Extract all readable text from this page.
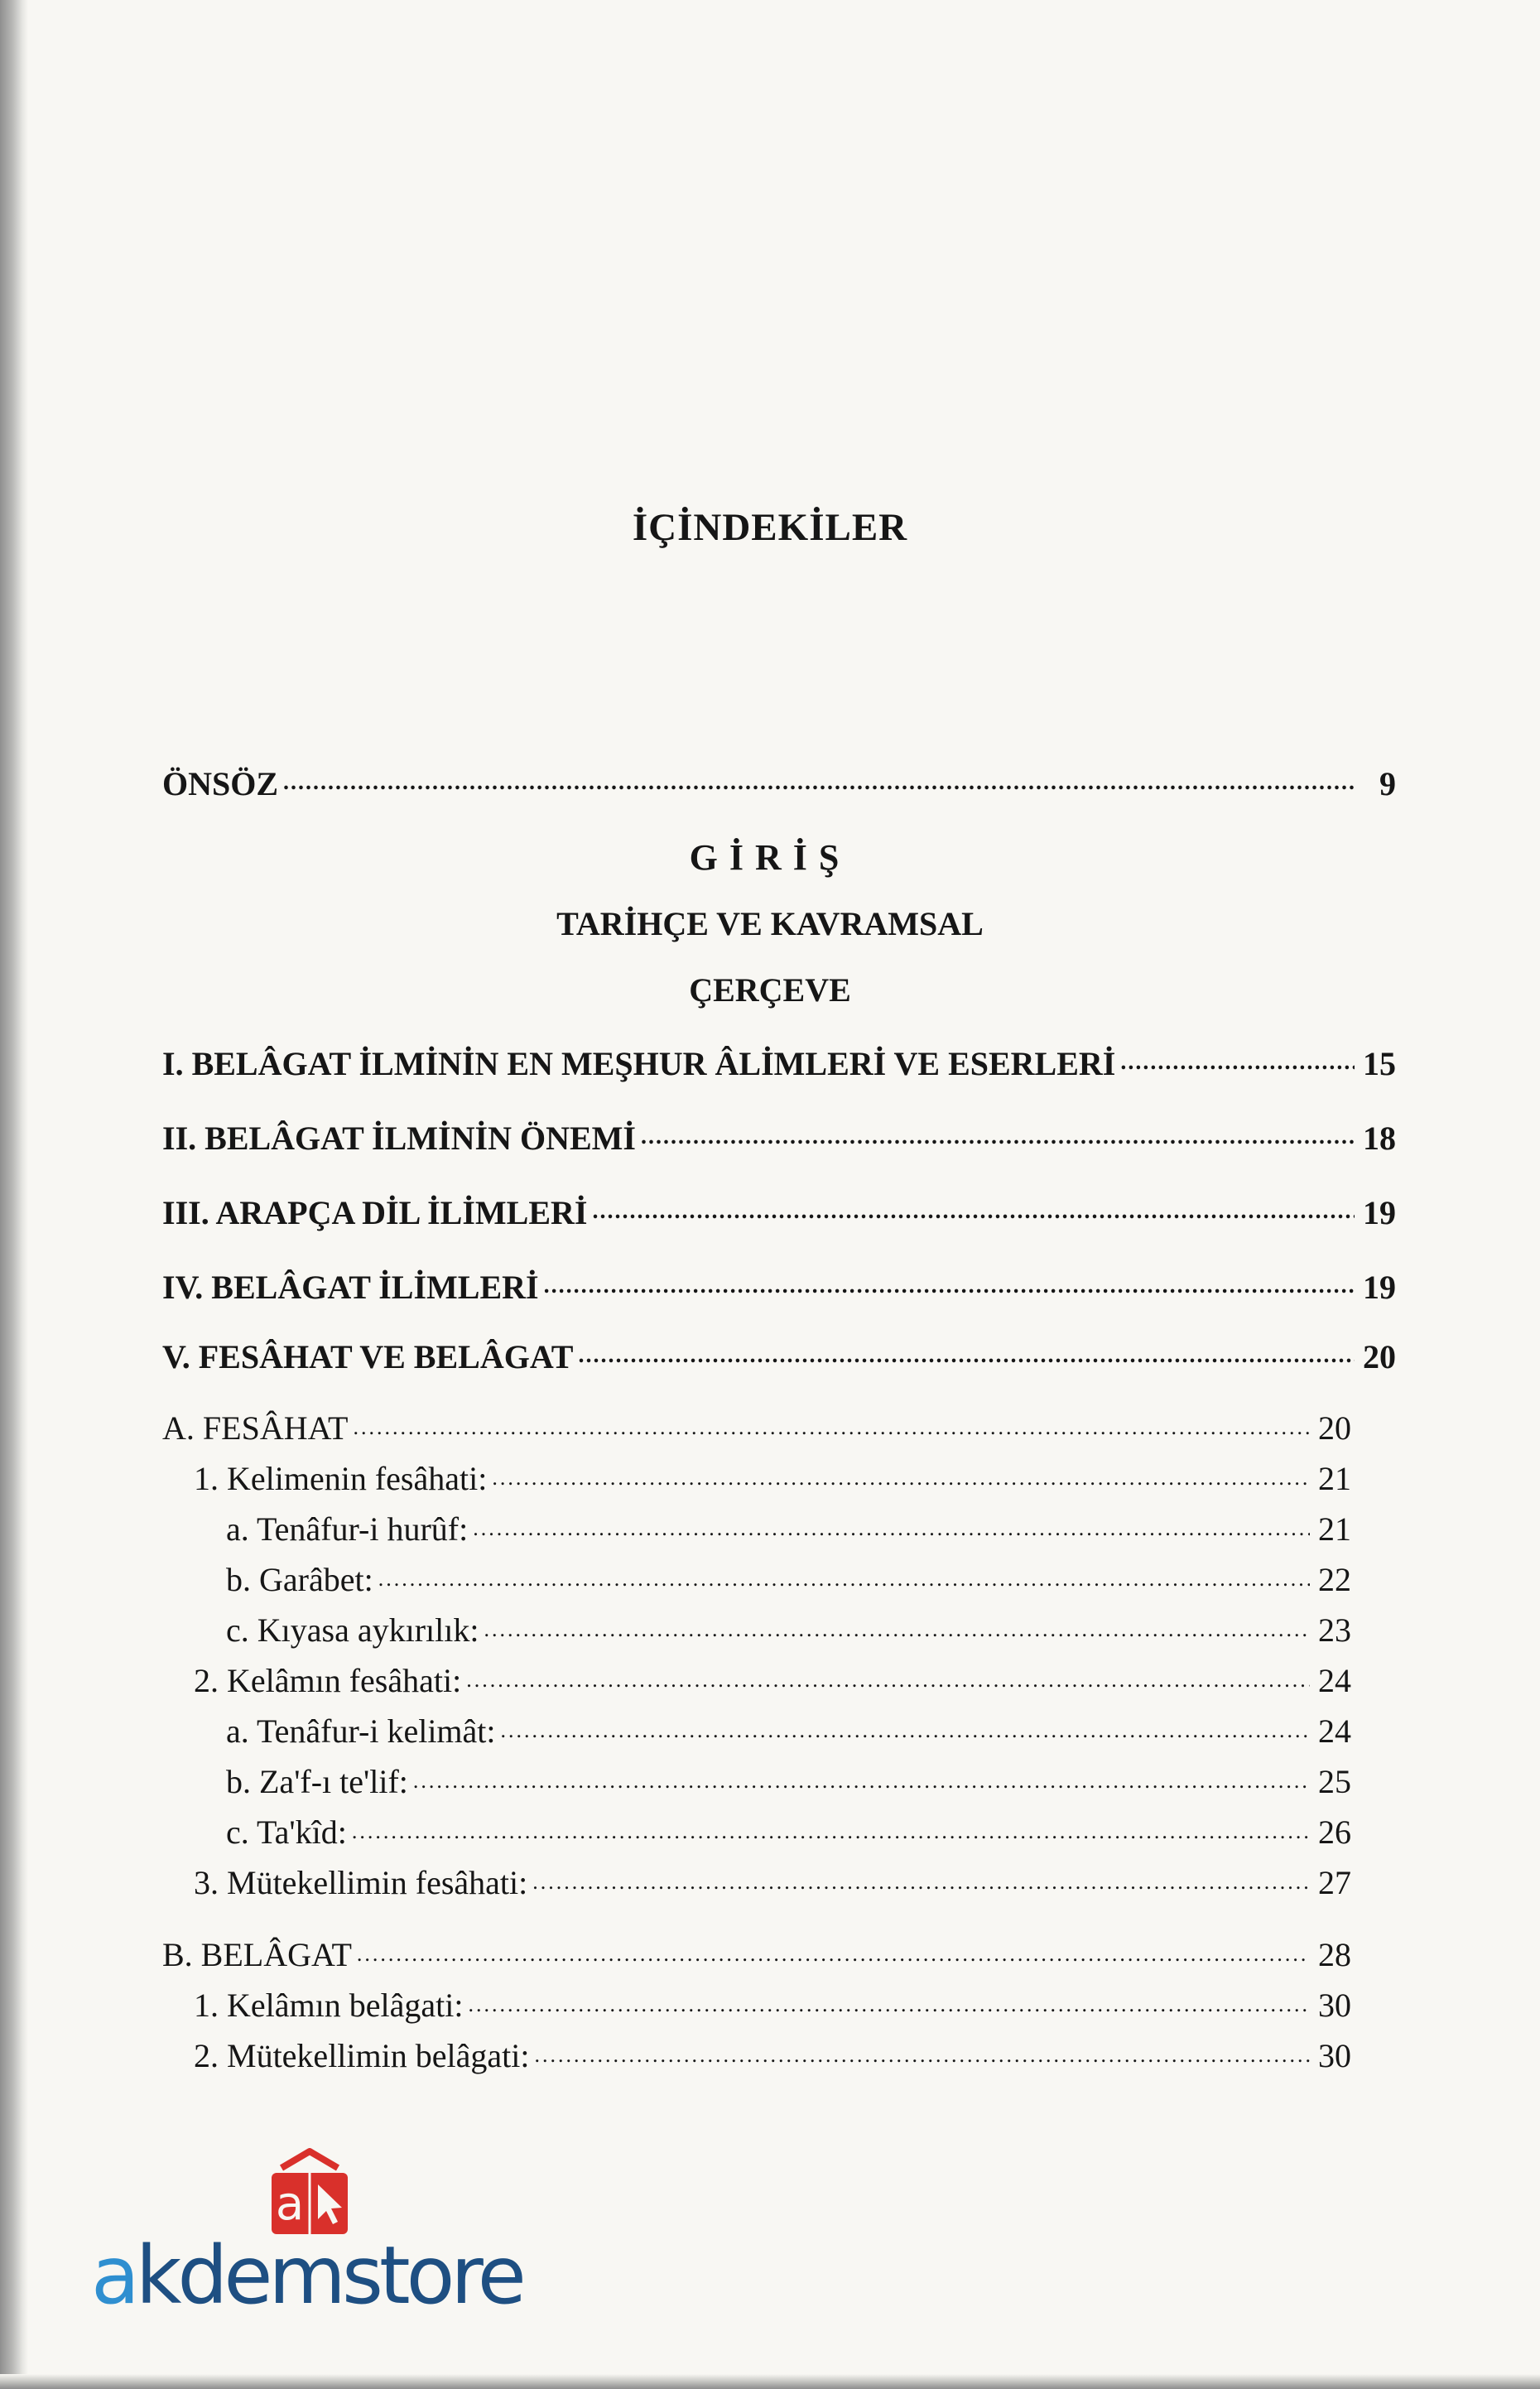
İÇİNDEKİLER
ÖNSÖZ .....	9
GİRİŞ
TARİHÇE VE KAVRAMSAL
ÇERÇEVE
I. BELÂGAT İLMİNİN EN MEŞHUR ÂLİMLERİ VE ESERLERİ .....	15
II. BELÂGAT İLMİNİN ÖNEMİ .....	18
III. ARAPÇA DİL İLİMLERİ .....	19
IV. BELÂGAT İLİMLERİ .....	19
V. FESÂHAT VE BELÂGAT .....	20
A. FESÂHAT .....	20
1. Kelimenin fesâhati: .....	21
a. Tenâfur-i hurûf: .....	21
b. Garâbet: .....	22
c. Kıyasa aykırılık: .....	23
2. Kelâmın fesâhati: .....	24
a. Tenâfur-i kelimât: .....	24
b. Za'f-ı te'lif: .....	25
c. Ta'kîd: .....	26
3. Mütekellimin fesâhati: .....	27
B. BELÂGAT .....	28
1. Kelâmın belâgati: .....	30
2. Mütekellimin belâgati: .....	30
a
akdemstore
